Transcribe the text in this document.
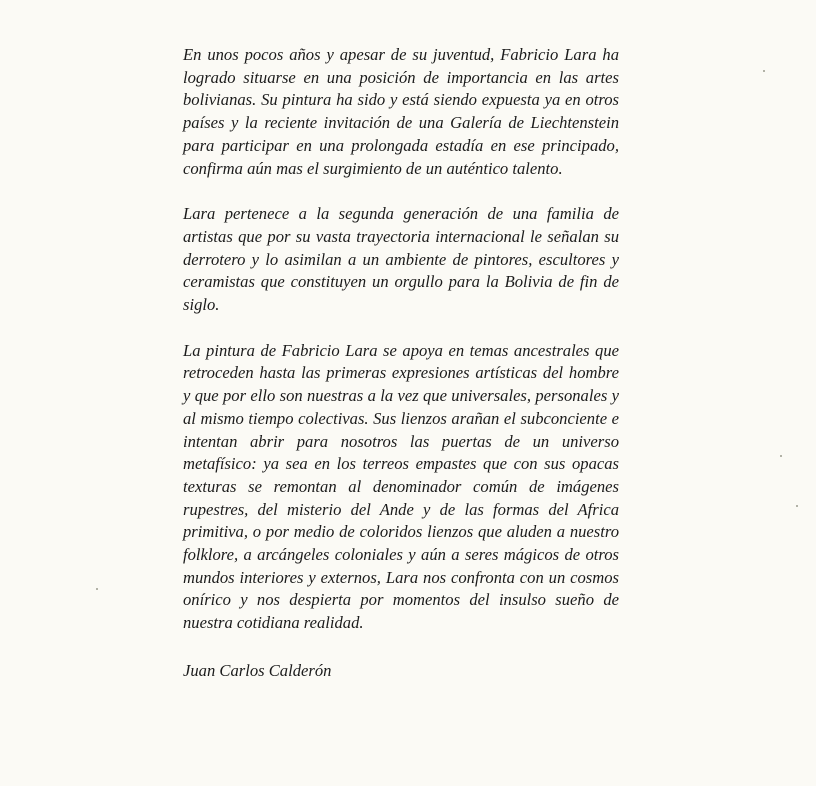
En unos pocos años y apesar de su juventud, Fabricio Lara ha logrado situarse en una posición de importancia en las artes bolivianas. Su pintura ha sido y está siendo expuesta ya en otros países y la reciente invitación de una Galería de Liechtenstein para participar en una prolongada estadía en ese principado, confirma aún mas el surgimiento de un auténtico talento.

Lara pertenece a la segunda generación de una familia de artistas que por su vasta trayectoria internacional le señalan su derrotero y lo asimilan a un ambiente de pintores, escultores y ceramistas que constituyen un orgullo para la Bolivia de fin de siglo.

La pintura de Fabricio Lara se apoya en temas ancestrales que retroceden hasta las primeras expresiones artísticas del hombre y que por ello son nuestras a la vez que universales, personales y al mismo tiempo colectivas. Sus lienzos arañan el subconciente e intentan abrir para nosotros las puertas de un universo metafísico: ya sea en los terreos empastes que con sus opacas texturas se remontan al denominador común de imágenes rupestres, del misterio del Ande y de las formas del Africa primitiva, o por medio de coloridos lienzos que aluden a nuestro folklore, a arcángeles coloniales y aún a seres mágicos de otros mundos interiores y externos, Lara nos confronta con un cosmos onírico y nos despierta por momentos del insulso sueño de nuestra cotidiana realidad.

Juan Carlos Calderón
